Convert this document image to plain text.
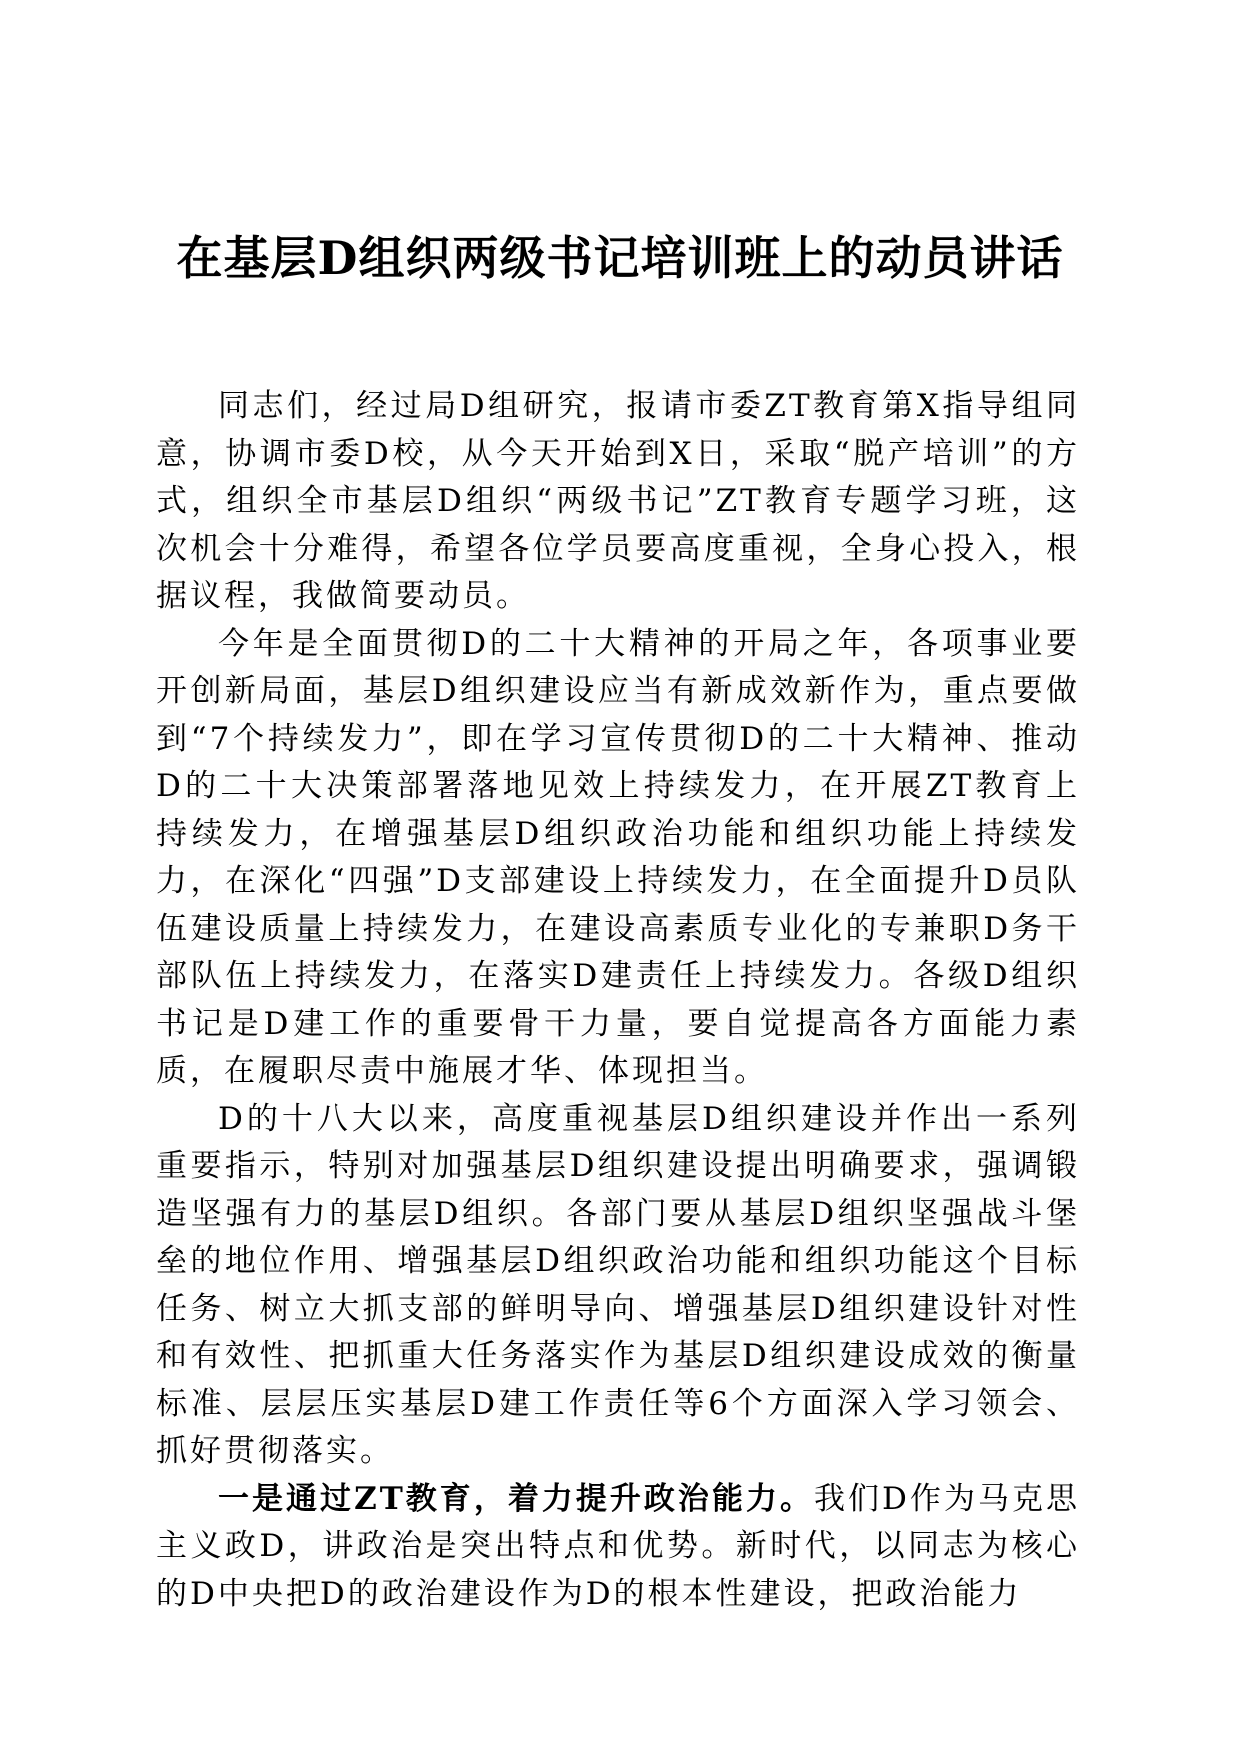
在基层D组织两级书记培训班上的动员讲话

同志们，经过局D组研究，报请市委ZT教育第X指导组同意，协调市委D校，从今天开始到X日，采取“脱产培训”的方式，组织全市基层D组织“两级书记”ZT教育专题学习班，这次机会十分难得，希望各位学员要高度重视，全身心投入，根据议程，我做简要动员。

今年是全面贯彻D的二十大精神的开局之年，各项事业要开创新局面，基层D组织建设应当有新成效新作为，重点要做到“7个持续发力”，即在学习宣传贯彻D的二十大精神、推动D的二十大决策部署落地见效上持续发力，在开展ZT教育上持续发力，在增强基层D组织政治功能和组织功能上持续发力，在深化“四强”D支部建设上持续发力，在全面提升D员队伍建设质量上持续发力，在建设高素质专业化的专兼职D务干部队伍上持续发力，在落实D建责任上持续发力。各级D组织书记是D建工作的重要骨干力量，要自觉提高各方面能力素质，在履职尽责中施展才华、体现担当。

D的十八大以来，高度重视基层D组织建设并作出一系列重要指示，特别对加强基层D组织建设提出明确要求，强调锻造坚强有力的基层D组织。各部门要从基层D组织坚强战斗堡垒的地位作用、增强基层D组织政治功能和组织功能这个目标任务、树立大抓支部的鲜明导向、增强基层D组织建设针对性和有效性、把抓重大任务落实作为基层D组织建设成效的衡量标准、层层压实基层D建工作责任等6个方面深入学习领会、抓好贯彻落实。

一是通过ZT教育，着力提升政治能力。我们D作为马克思主义政D，讲政治是突出特点和优势。新时代，以同志为核心的D中央把D的政治建设作为D的根本性建设，把政治能力
